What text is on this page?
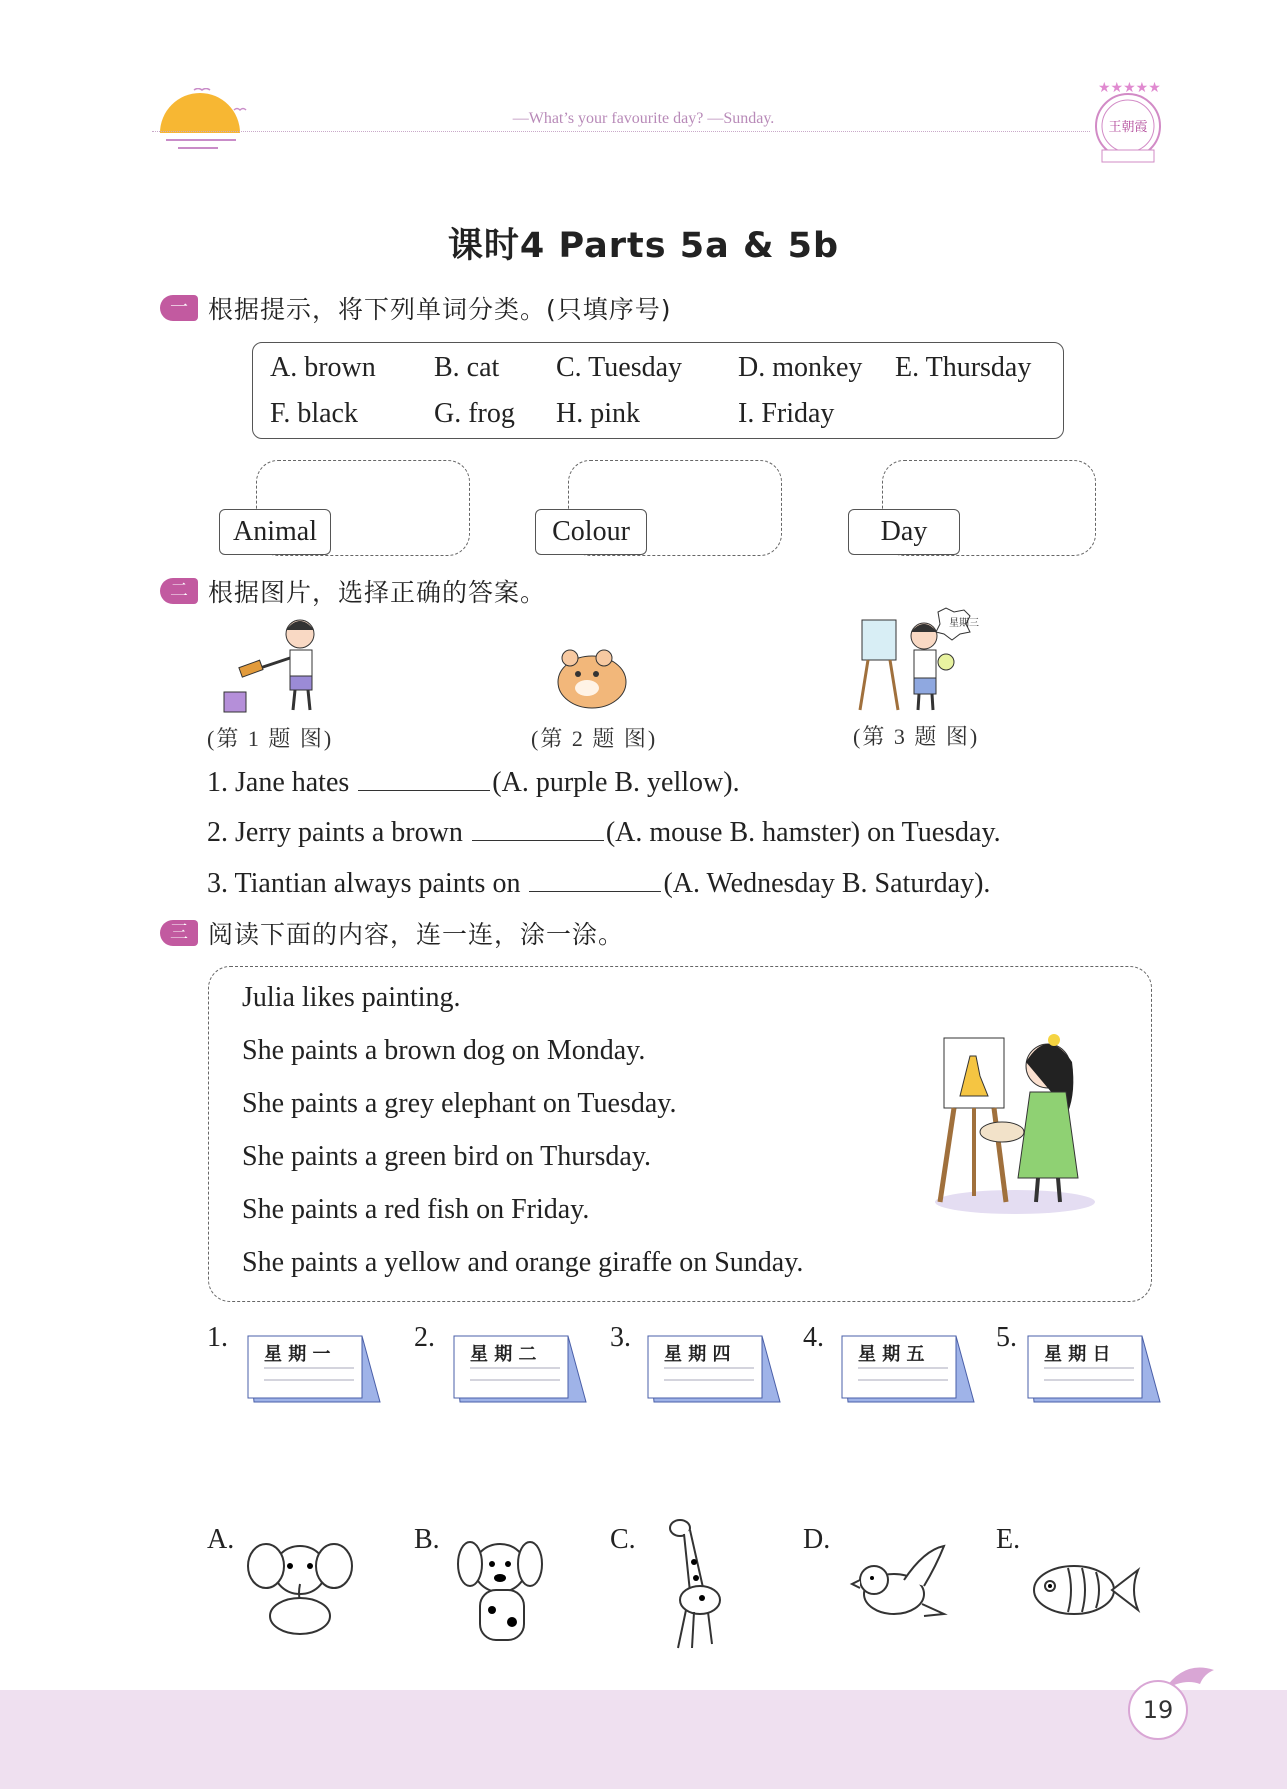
—What’s your favourite day? —Sunday.
★★★★★
王朝霞
课时4 Parts 5a & 5b
一 根据提示，将下列单词分类。(只填序号)
A. brown B. cat C. Tuesday D. monkey E. Thursday
F. black	G. frog H. pink	I. Friday
Animal	Colour	Day
二 根据图片，选择正确的答案。
星期三
(第 1 题 图)	(第 2 题 图)	(第 3 题 图)
1. Jane hates	(A. purple B. yellow).
2. Jerry paints a brown	(A. mouse B. hamster) on Tuesday.
3. Tiantian always paints on	(A. Wednesday B. Saturday).
三 阅读下面的内容，连一连，涂一涂。
Julia likes painting.
She paints a brown dog on Monday.
She paints a grey elephant on Tuesday.
She paints a green bird on Thursday.
She paints a red fish on Friday.
She paints a yellow and orange giraffe on Sunday.
1.	2.	3.	4.	5.
星 期 一	星 期 二	星 期 四	星 期 五	星 期 日
A.	B.	C.	D.	E.
19
